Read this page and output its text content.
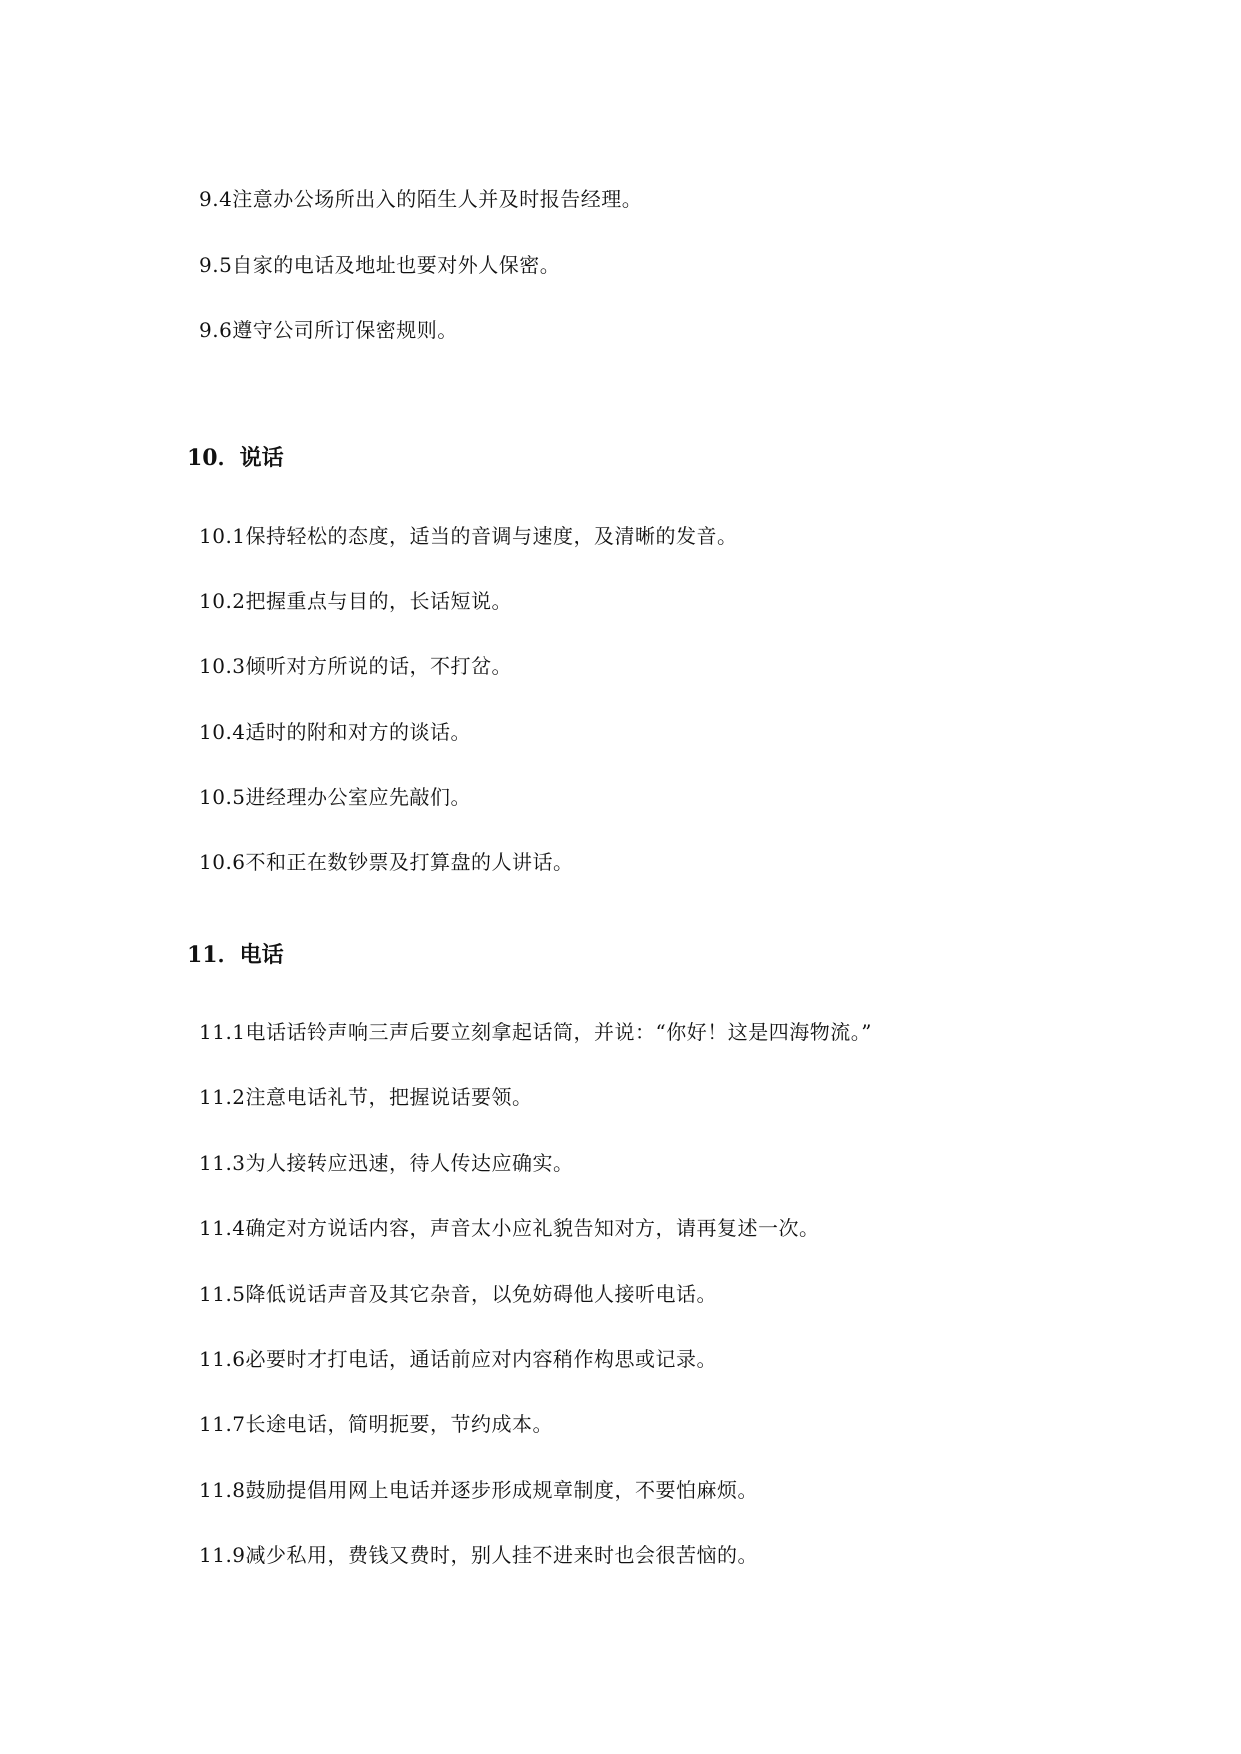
9.4注意办公场所出入的陌生人并及时报告经理。
9.5自家的电话及地址也要对外人保密。
9.6遵守公司所订保密规则。
10．说话
10.1保持轻松的态度，适当的音调与速度，及清晰的发音。
10.2把握重点与目的，长话短说。
10.3倾听对方所说的话，不打岔。
10.4适时的附和对方的谈话。
10.5进经理办公室应先敲们。
10.6不和正在数钞票及打算盘的人讲话。
11．电话
11.1电话话铃声响三声后要立刻拿起话筒，并说：“你好！这是四海物流。”
11.2注意电话礼节，把握说话要领。
11.3为人接转应迅速，待人传达应确实。
11.4确定对方说话内容，声音太小应礼貌告知对方，请再复述一次。
11.5降低说话声音及其它杂音，以免妨碍他人接听电话。
11.6必要时才打电话，通话前应对内容稍作构思或记录。
11.7长途电话，简明扼要，节约成本。
11.8鼓励提倡用网上电话并逐步形成规章制度，不要怕麻烦。
11.9减少私用，费钱又费时，别人挂不进来时也会很苦恼的。
